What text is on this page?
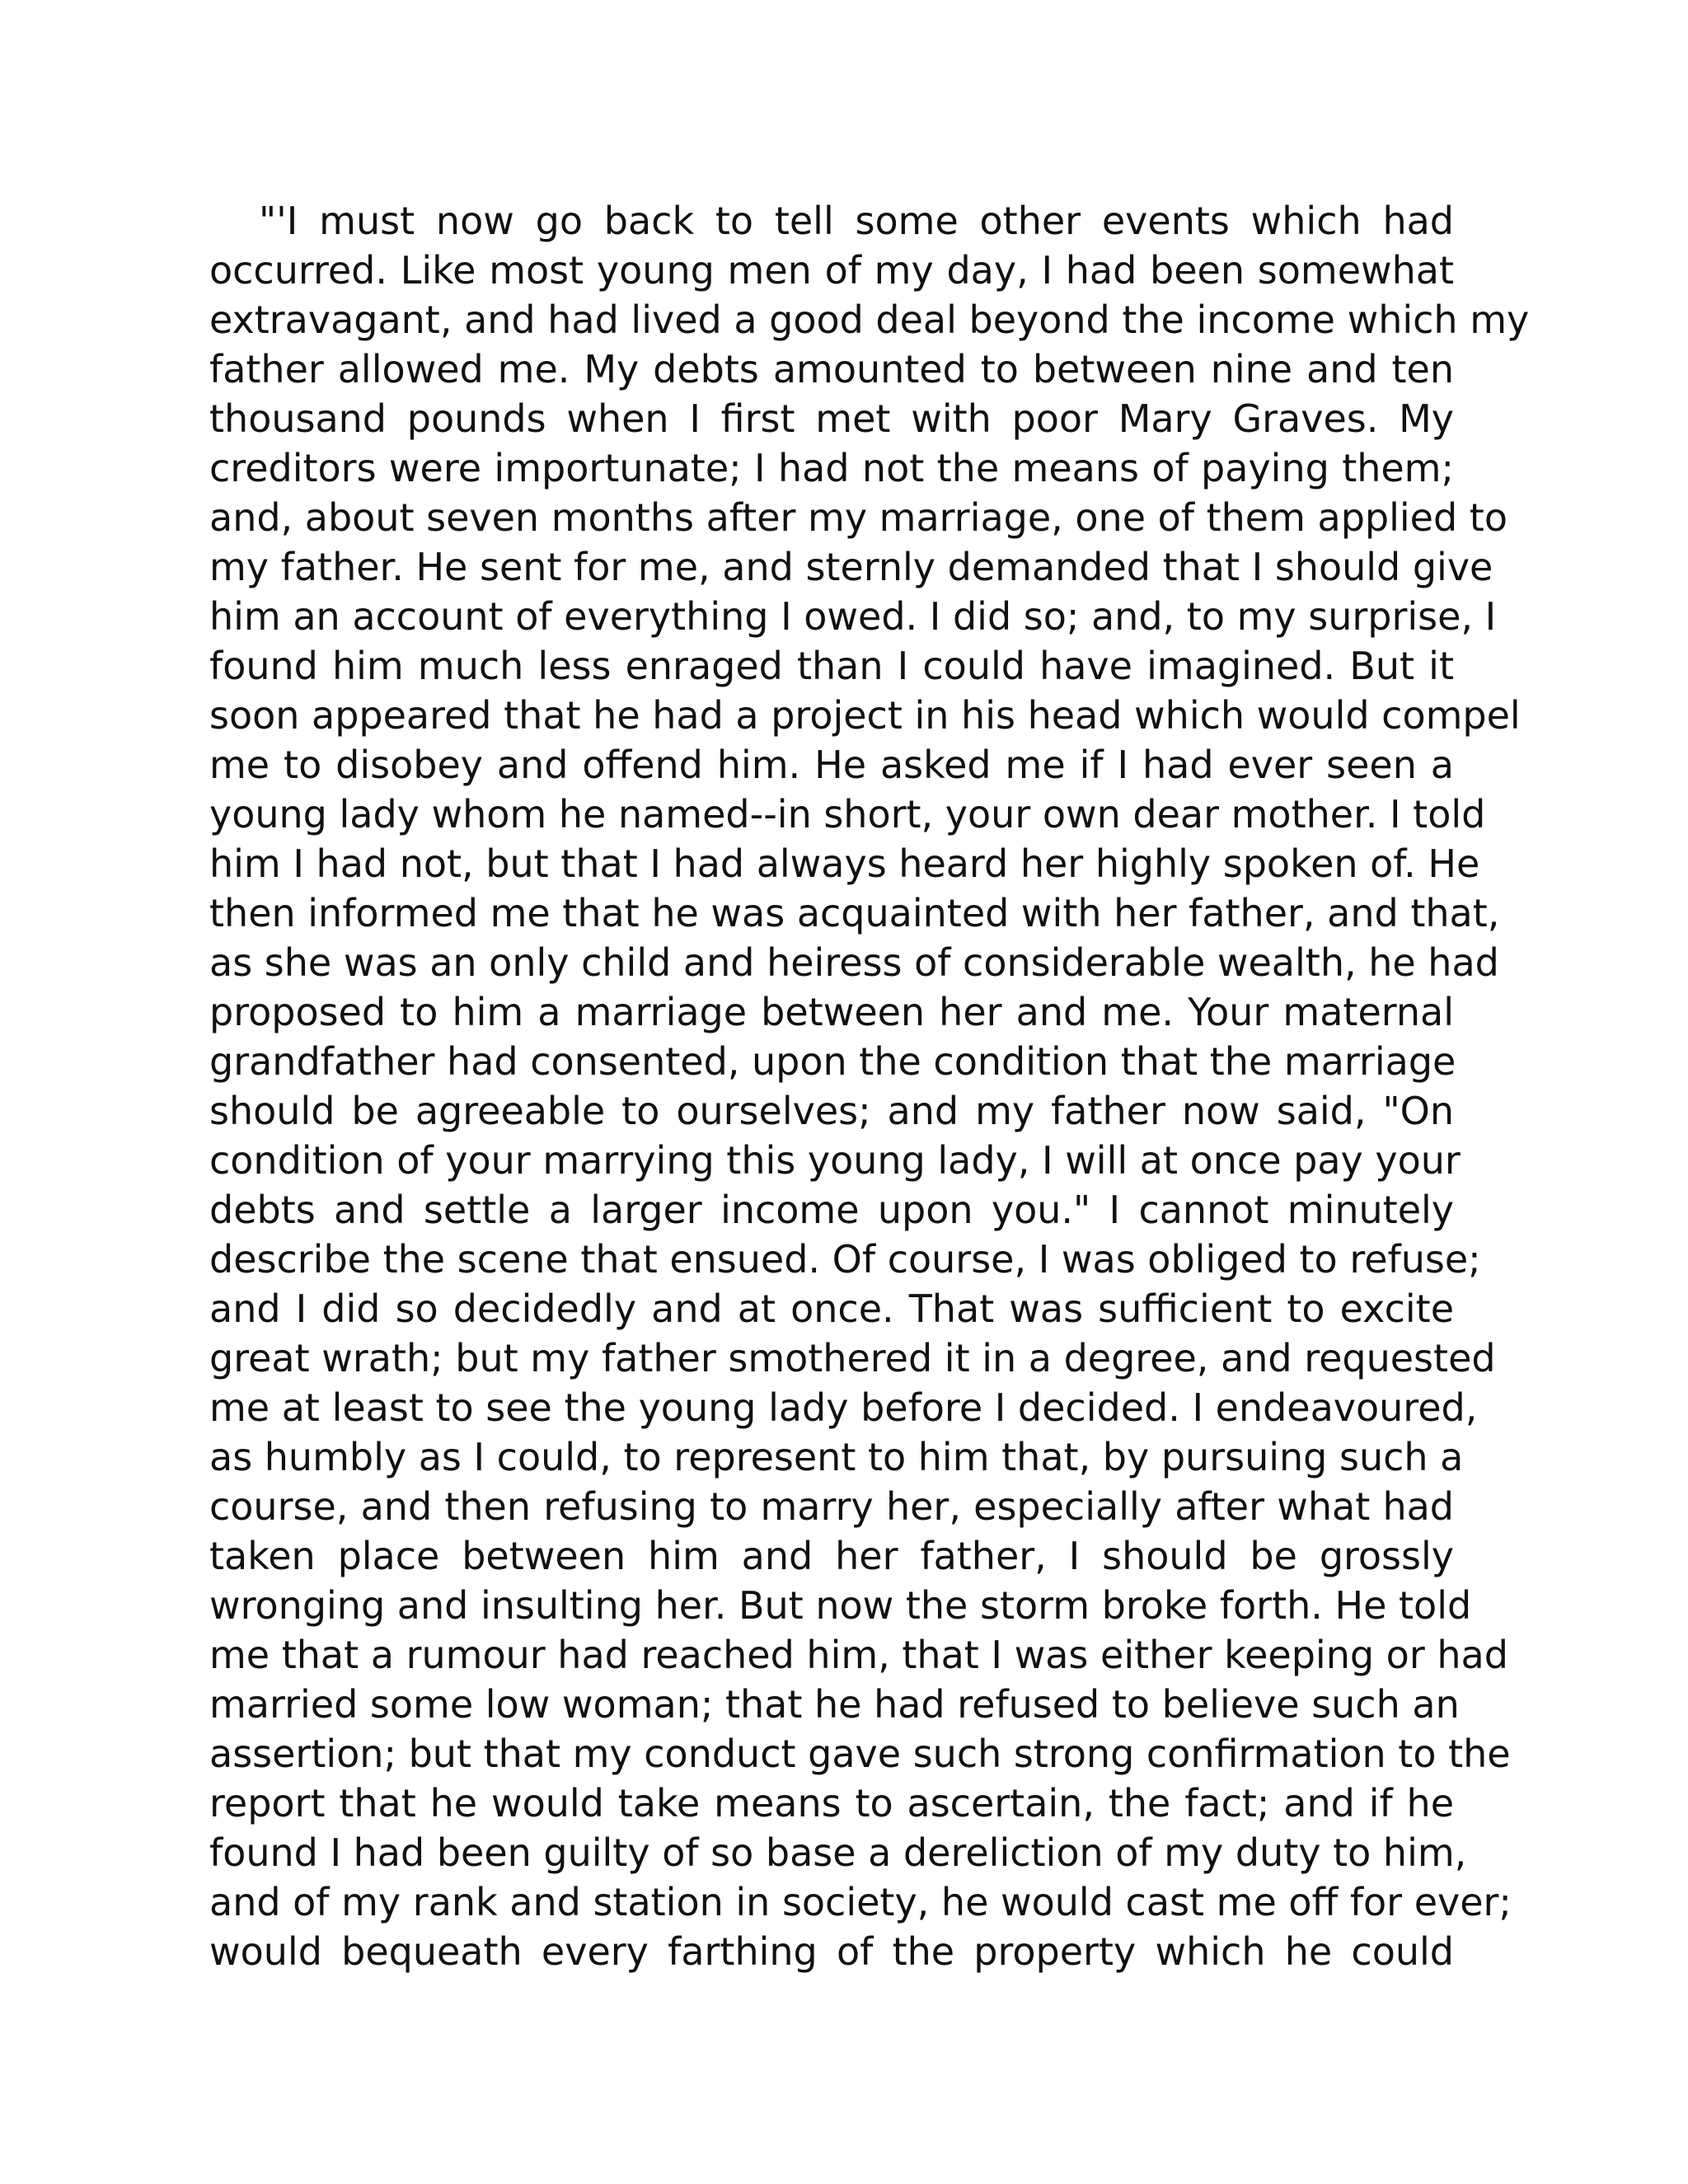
"'I must now go back to tell some other events which had
occurred. Like most young men of my day, I had been somewhat
extravagant, and had lived a good deal beyond the income which my
father allowed me. My debts amounted to between nine and ten
thousand pounds when I first met with poor Mary Graves. My
creditors were importunate; I had not the means of paying them;
and, about seven months after my marriage, one of them applied to
my father. He sent for me, and sternly demanded that I should give
him an account of everything I owed. I did so; and, to my surprise, I
found him much less enraged than I could have imagined. But it
soon appeared that he had a project in his head which would compel
me to disobey and offend him. He asked me if I had ever seen a
young lady whom he named--in short, your own dear mother. I told
him I had not, but that I had always heard her highly spoken of. He
then informed me that he was acquainted with her father, and that,
as she was an only child and heiress of considerable wealth, he had
proposed to him a marriage between her and me. Your maternal
grandfather had consented, upon the condition that the marriage
should be agreeable to ourselves; and my father now said, "On
condition of your marrying this young lady, I will at once pay your
debts and settle a larger income upon you." I cannot minutely
describe the scene that ensued. Of course, I was obliged to refuse;
and I did so decidedly and at once. That was sufficient to excite
great wrath; but my father smothered it in a degree, and requested
me at least to see the young lady before I decided. I endeavoured,
as humbly as I could, to represent to him that, by pursuing such a
course, and then refusing to marry her, especially after what had
taken place between him and her father, I should be grossly
wronging and insulting her. But now the storm broke forth. He told
me that a rumour had reached him, that I was either keeping or had
married some low woman; that he had refused to believe such an
assertion; but that my conduct gave such strong confirmation to the
report that he would take means to ascertain, the fact; and if he
found I had been guilty of so base a dereliction of my duty to him,
and of my rank and station in society, he would cast me off for ever;
would bequeath every farthing of the property which he could
